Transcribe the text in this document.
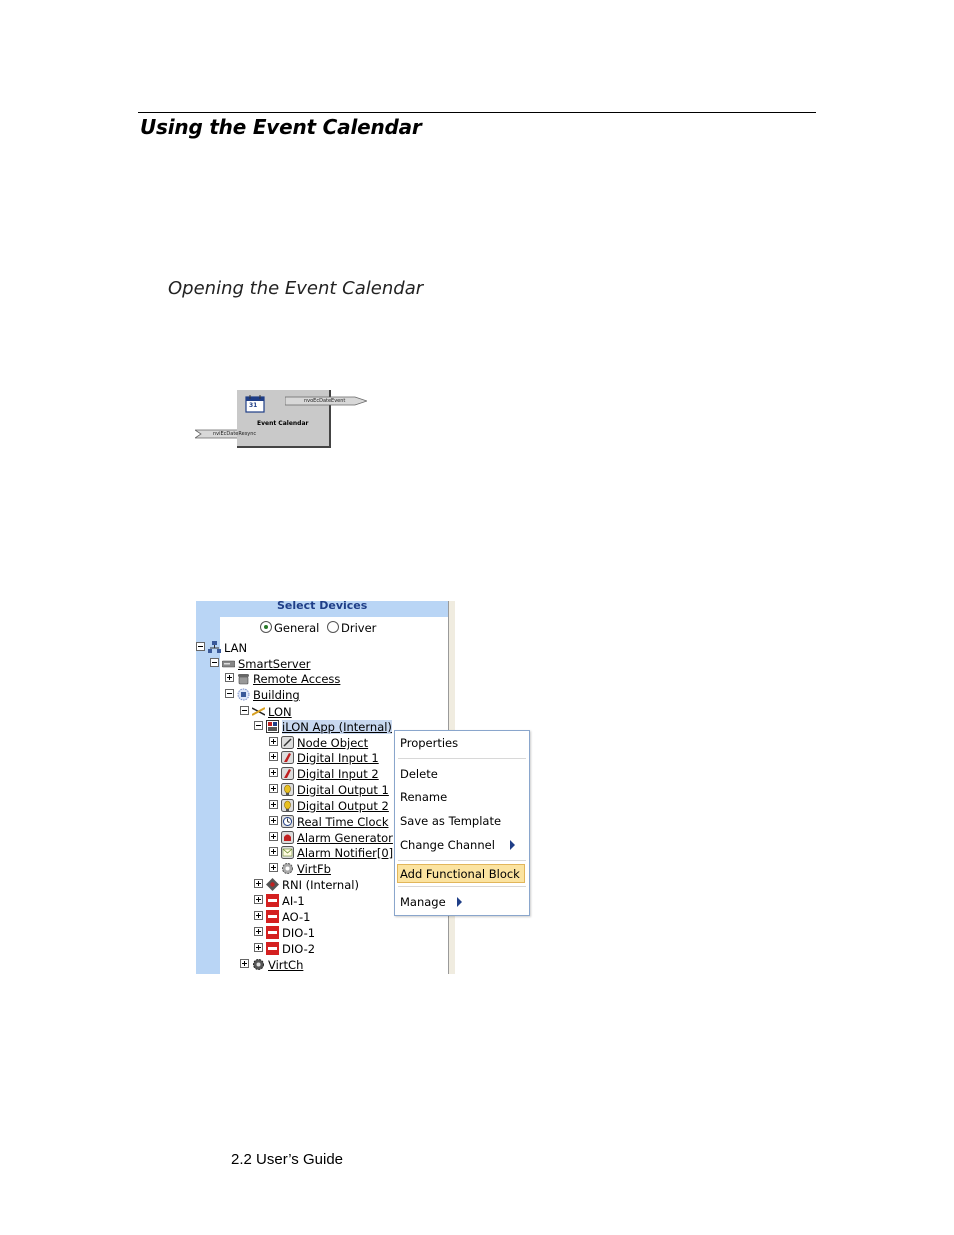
Using the Event Calendar
Opening the Event Calendar
31
Event Calendar
nvoEcDateEvent
nviEcDateResync
Select Devices
General Driver
LAN
SmartServer
Remote Access
Building
LON
iLON App (Internal)
Node Object
Digital Input 1
Digital Input 2
Digital Output 1
Digital Output 2
Real Time Clock
Alarm Generator
Alarm Notifier[0]
VirtFb
RNI (Internal)
AI-1
AO-1
DIO-1
DIO-2
VirtCh
Properties
Delete
Rename
Save as Template
Change Channel
Add Functional Block
Manage
2.2 User’s Guide
